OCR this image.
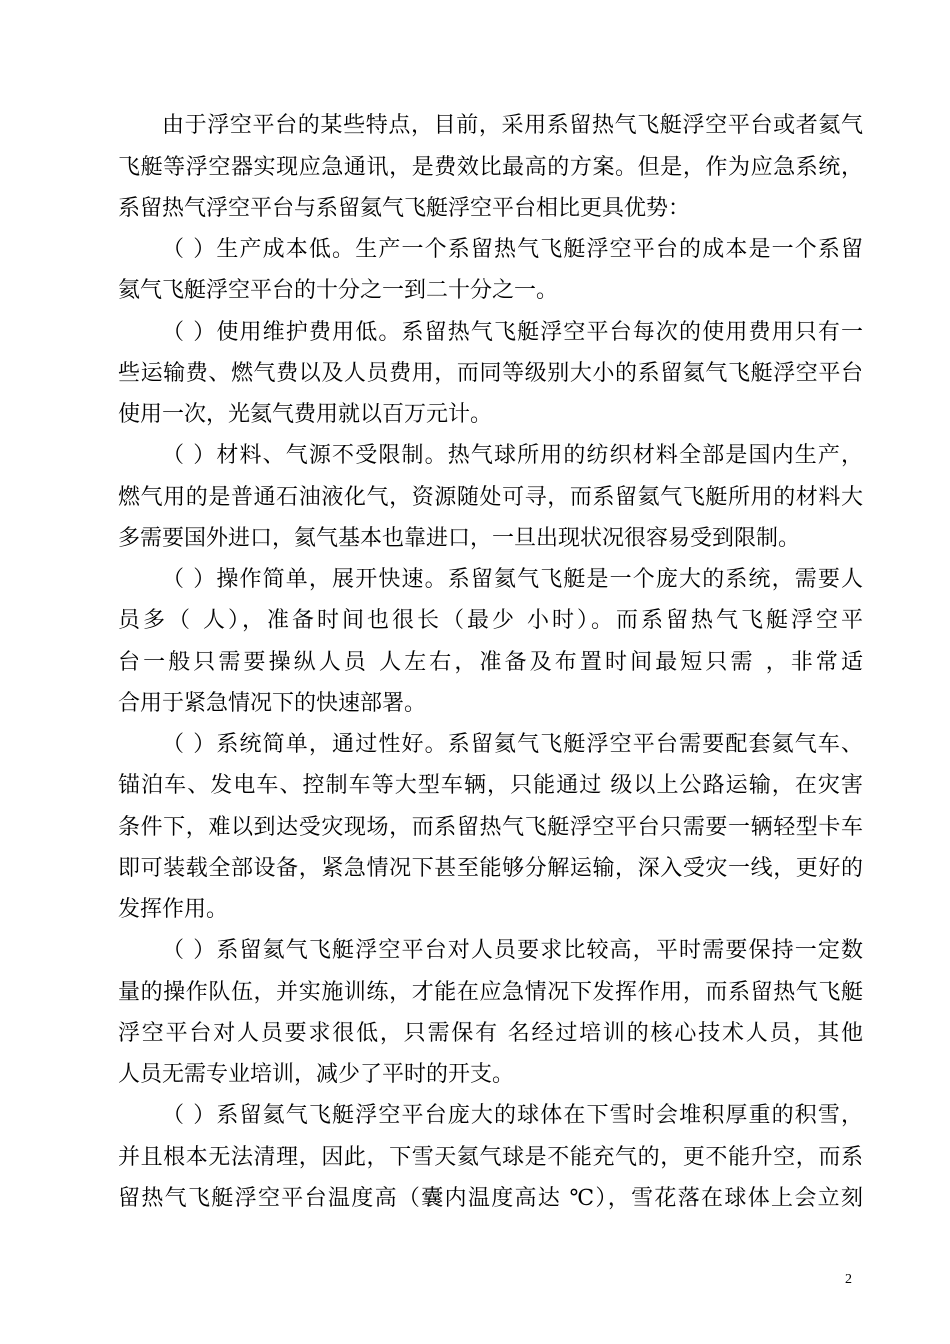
由于浮空平台的某些特点，目前，采用系留热气飞艇浮空平台或者氦气
飞艇等浮空器实现应急通讯，是费效比最高的方案。但是，作为应急系统，
系留热气浮空平台与系留氦气飞艇浮空平台相比更具优势：
（ ）生产成本低。生产一个系留热气飞艇浮空平台的成本是一个系留
氦气飞艇浮空平台的十分之一到二十分之一。
（ ）使用维护费用低。系留热气飞艇浮空平台每次的使用费用只有一
些运输费、燃气费以及人员费用，而同等级别大小的系留氦气飞艇浮空平台
使用一次，光氦气费用就以百万元计。
（ ）材料、气源不受限制。热气球所用的纺织材料全部是国内生产，
燃气用的是普通石油液化气，资源随处可寻，而系留氦气飞艇所用的材料大
多需要国外进口，氦气基本也靠进口，一旦出现状况很容易受到限制。
（ ）操作简单，展开快速。系留氦气飞艇是一个庞大的系统，需要人
员多（ 人），准备时间也很长（最少 小时）。而系留热气飞艇浮空平
台一般只需要操纵人员 人左右，准备及布置时间最短只需 ，非常适
合用于紧急情况下的快速部署。
（ ）系统简单，通过性好。系留氦气飞艇浮空平台需要配套氦气车、
锚泊车、发电车、控制车等大型车辆，只能通过 级以上公路运输，在灾害
条件下，难以到达受灾现场，而系留热气飞艇浮空平台只需要一辆轻型卡车
即可装载全部设备，紧急情况下甚至能够分解运输，深入受灾一线，更好的
发挥作用。
（ ）系留氦气飞艇浮空平台对人员要求比较高，平时需要保持一定数
量的操作队伍，并实施训练，才能在应急情况下发挥作用，而系留热气飞艇
浮空平台对人员要求很低，只需保有 名经过培训的核心技术人员，其他
人员无需专业培训，减少了平时的开支。
（ ）系留氦气飞艇浮空平台庞大的球体在下雪时会堆积厚重的积雪，
并且根本无法清理，因此，下雪天氦气球是不能充气的，更不能升空，而系
留热气飞艇浮空平台温度高（囊内温度高达 ℃），雪花落在球体上会立刻
2
